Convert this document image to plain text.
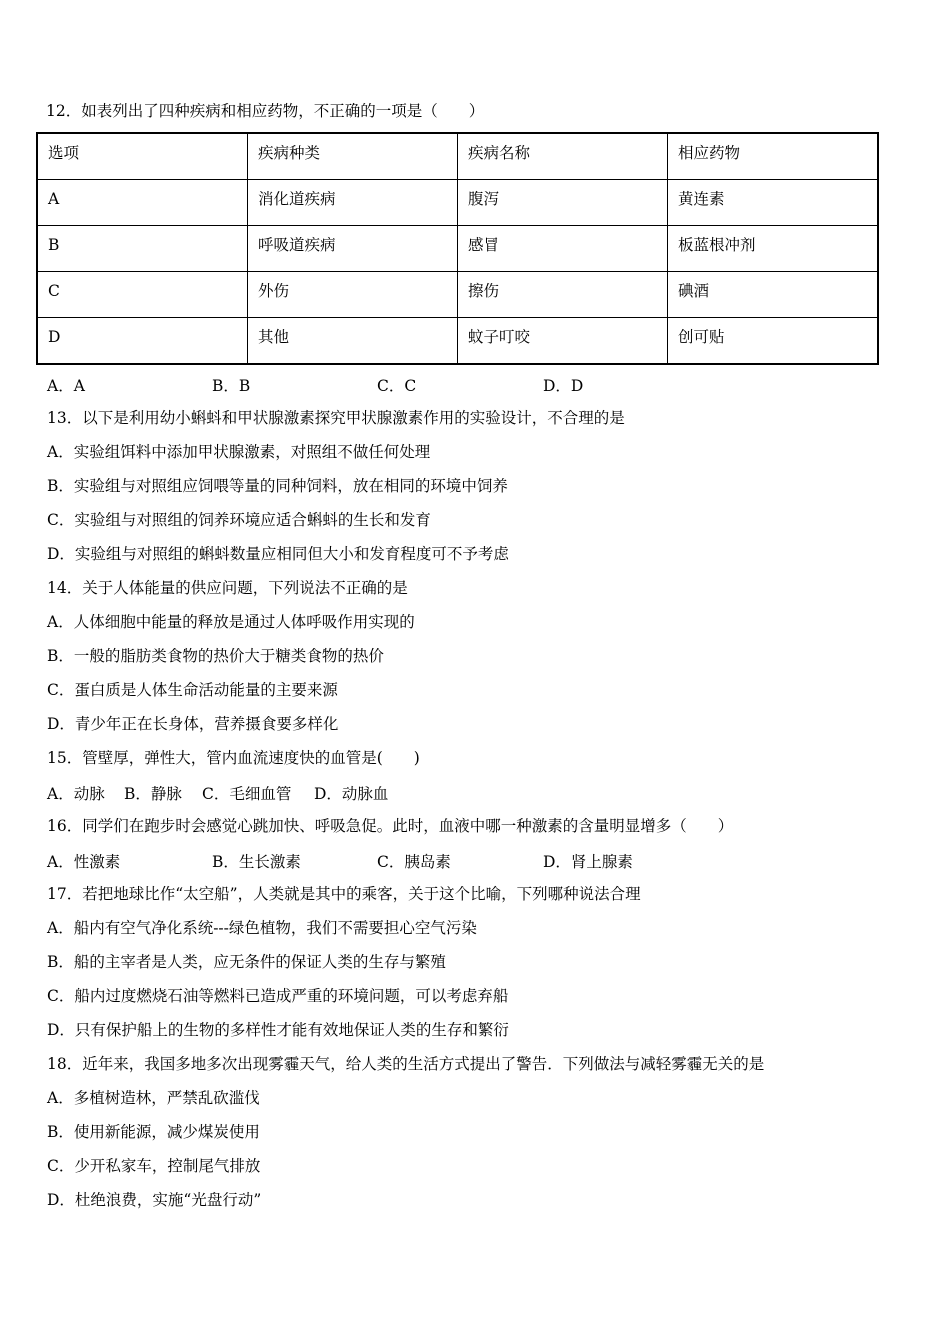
12．如表列出了四种疾病和相应药物，不正确的一项是（　　）
选项	疾病种类	疾病名称	相应药物
A	消化道疾病	腹泻	黄连素
B	呼吸道疾病	感冒	板蓝根冲剂
C	外伤	擦伤	碘酒
D	其他	蚊子叮咬	创可贴
A．A	B．B	C．C	D．D
13．以下是利用幼小蝌蚪和甲状腺激素探究甲状腺激素作用的实验设计，不合理的是
A．实验组饵料中添加甲状腺激素，对照组不做任何处理
B．实验组与对照组应饲喂等量的同种饲料，放在相同的环境中饲养
C．实验组与对照组的饲养环境应适合蝌蚪的生长和发育
D．实验组与对照组的蝌蚪数量应相同但大小和发育程度可不予考虑
14．关于人体能量的供应问题，下列说法不正确的是
A．人体细胞中能量的释放是通过人体呼吸作用实现的
B．一般的脂肪类食物的热价大于糖类食物的热价
C．蛋白质是人体生命活动能量的主要来源
D．青少年正在长身体，营养摄食要多样化
15．管壁厚，弹性大，管内血流速度快的血管是(　　)
A．动脉 B．静脉 C．毛细血管 D．动脉血
16．同学们在跑步时会感觉心跳加快、呼吸急促。此时，血液中哪一种激素的含量明显增多（　　）
A．性激素	B．生长激素	C．胰岛素	D．肾上腺素
17．若把地球比作“太空船”，人类就是其中的乘客，关于这个比喻，下列哪种说法合理
A．船内有空气净化系统---绿色植物，我们不需要担心空气污染
B．船的主宰者是人类，应无条件的保证人类的生存与繁殖
C．船内过度燃烧石油等燃料已造成严重的环境问题，可以考虑弃船
D．只有保护船上的生物的多样性才能有效地保证人类的生存和繁衍
18．近年来，我国多地多次出现雾霾天气，给人类的生活方式提出了警告．下列做法与减轻雾霾无关的是
A．多植树造林，严禁乱砍滥伐
B．使用新能源，减少煤炭使用
C．少开私家车，控制尾气排放
D．杜绝浪费，实施“光盘行动”
